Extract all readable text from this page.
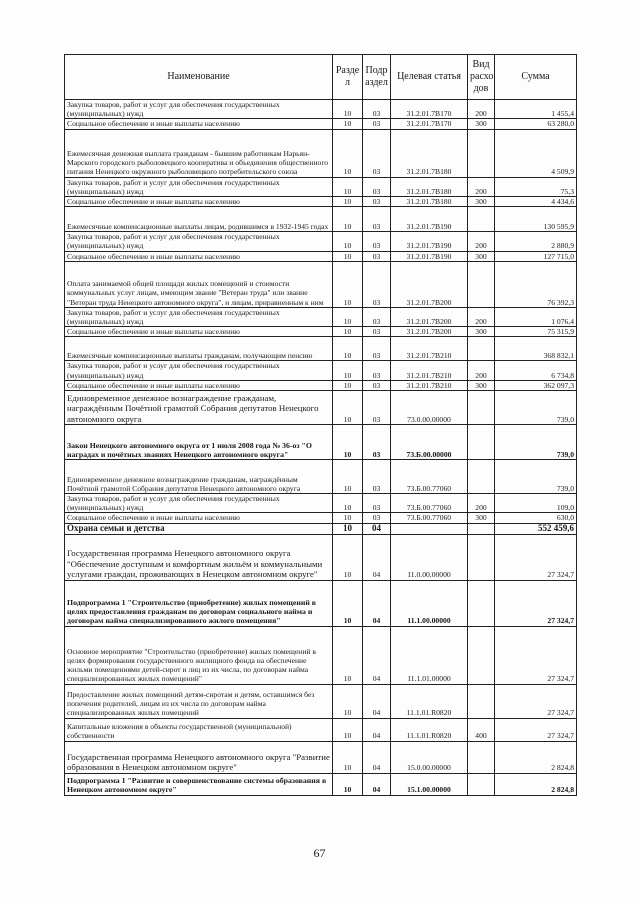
Наименование	Разде л	Подр аздел	Целевая статья	Вид расхо дов	Сумма
Закупка товаров, работ и услуг для обеспечения государственных (муниципальных) нужд	10	03	31.2.01.7В170	200	1 455,4
Социальное обеспечение и иные выплаты населению	10	03	31.2.01.7В170	300	63 280,0
Ежемесячная денежная выплата гражданам - бывшим работникам Нарьян-Марского городского рыболовецкого кооператива и объединения общественного питания Ненецкого окружного рыболовецкого потребительского союза	10	03	31.2.01.7В180		4 509,9
Закупка товаров, работ и услуг для обеспечения государственных (муниципальных) нужд	10	03	31.2.01.7В180	200	75,3
Социальное обеспечение и иные выплаты населению	10	03	31.2.01.7В180	300	4 434,6
Ежемесячные компенсационные выплаты лицам, родившимся в 1932-1945 годах	10	03	31.2.01.7В190		130 595,9
Закупка товаров, работ и услуг для обеспечения государственных (муниципальных) нужд	10	03	31.2.01.7В190	200	2 880,9
Социальное обеспечение и иные выплаты населению	10	03	31.2.01.7В190	300	127 715,0
Оплата занимаемой общей площади жилых помещений и стоимости коммунальных услуг лицам, имеющим звание "Ветеран труда" или звание "Ветеран труда Ненецкого автономного округа", и лицам, приравненным к ним	10	03	31.2.01.7В200		76 392,3
Закупка товаров, работ и услуг для обеспечения государственных (муниципальных) нужд	10	03	31.2.01.7В200	200	1 076,4
Социальное обеспечение и иные выплаты населению	10	03	31.2.01.7В200	300	75 315,9
Ежемесячные компенсационные выплаты гражданам, получающим пенсию	10	03	31.2.01.7В210		368 832,1
Закупка товаров, работ и услуг для обеспечения государственных (муниципальных) нужд	10	03	31.2.01.7В210	200	6 734,8
Социальное обеспечение и иные выплаты населению	10	03	31.2.01.7В210	300	362 097,3
Единовременное денежное вознаграждение гражданам, награждённым Почётной грамотой Собрания депутатов Ненецкого автономного округа	10	03	73.0.00.00000		739,0
Закон Ненецкого автономного округа от 1 июля 2008 года № 36-оз "О наградах и почётных званиях Ненецкого автономного округа"	10	03	73.Б.00.00000		739,0
Единовременное денежное вознаграждение гражданам, награждённым Почётной грамотой Собрания депутатов Ненецкого автономного округа	10	03	73.Б.00.77060		739,0
Закупка товаров, работ и услуг для обеспечения государственных (муниципальных) нужд	10	03	73.Б.00.77060	200	109,0
Социальное обеспечение и иные выплаты населению	10	03	73.Б.00.77060	300	630,0
Охрана семьи и детства	10	04			552 459,6
Государственная программа Ненецкого автономного округа "Обеспечение доступным и комфортным жильём и коммунальными услугами граждан, проживающих в Ненецком автономном округе"	10	04	11.0.00.00000		27 324,7
Подпрограмма 1 "Строительство (приобретение) жилых помещений в целях предоставления гражданам по договорам социального найма и договорам найма специализированного жилого помещения"	10	04	11.1.00.00000		27 324,7
Основное мероприятие "Строительство (приобретение) жилых помещений в целях формирования государственного жилищного фонда на обеспечение жильми помещениями детей-сирот и лиц из их числа, по договорам найма специализированных жилых помещений"	10	04	11.1.01.00000		27 324,7
Предоставление жилых помещений детям-сиротам и детям, оставшимся без попечения родителей, лицам из их числа по договорам найма специализированных жилых помещений	10	04	11.1.01.R0820		27 324,7
Капитальные вложения в объекты государственной (муниципальной) собственности	10	04	11.1.01.R0820	400	27 324,7
Государственная программа Ненецкого автономного округа "Развитие образования в Ненецком автономном округе"	10	04	15.0.00.00000		2 824,8
Подпрограмма 1 "Развитие и совершенствование системы образования в Ненецком автономном округе"	10	04	15.1.00.00000		2 824,8
67
